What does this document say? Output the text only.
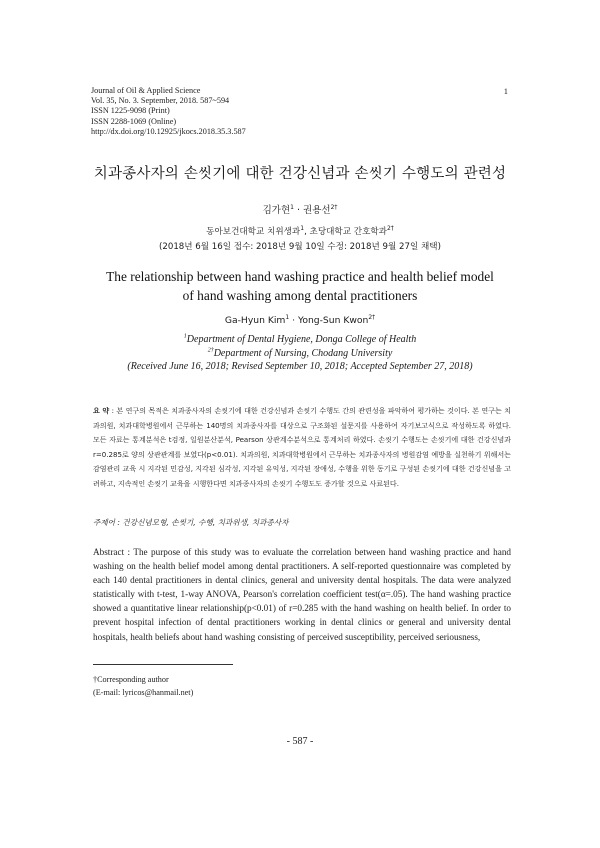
Journal of Oil & Applied Science
Vol. 35, No. 3. September, 2018. 587~594
ISSN 1225-9098 (Print)
ISSN 2288-1069 (Online)
http://dx.doi.org/10.12925/jkocs.2018.35.3.587
1
치과종사자의 손씻기에 대한 건강신념과 손씻기 수행도의 관련성
김가현$^1$ · 권용선$^{2\dagger}$
동아보건대학교 치위생과$^1$, 초당대학교 간호학과$^{2\dagger}$
(2018년 6월 16일 접수: 2018년 9월 10일 수정: 2018년 9월 27일 채택)
The relationship between hand washing practice and health belief model
of hand washing among dental practitioners
Ga-Hyun Kim$^1$ · Yong-Sun Kwon$^{2\dagger}$
$^1$Department of Dental Hygiene, Donga College of Health
$^{2\dagger}$Department of Nursing, Chodang University
(Received June 16, 2018; Revised September 10, 2018; Accepted September 27, 2018)
요 약 : 본 연구의 목적은 치과종사자의 손씻기에 대한 건강신념과 손씻기 수행도 간의 관련성을 파악하여 평가하는 것이다. 본 연구는 치과의원, 치과대학병원에서 근무하는 140명의 치과종사자를 대상으로 구조화된 설문지를 사용하여 자기보고식으로 작성하도록 하였다. 모든 자료는 통계분석은 t검정, 일원분산분석, Pearson 상관계수분석으로 통계처리 하였다. 손씻기 수행도는 손씻기에 대한 건강신념과 r=0.285로 양의 상관관계를 보였다(p<0.01). 치과의원, 치과대학병원에서 근무하는 치과종사자의 병원감염 예방을 실천하기 위해서는 감염관리 교육 시 지각된 민감성, 지각된 심각성, 지각된 유익성, 지각된 장애성, 수행을 위한 동기로 구성된 손씻기에 대한 건강신념을 고려하고, 지속적인 손씻기 교육을 시행한다면 치과종사자의 손씻기 수행도도 증가할 것으로 사료된다.
주제어 : 건강신념모형, 손씻기, 수행, 치과위생, 치과종사자
Abstract : The purpose of this study was to evaluate the correlation between hand washing practice and hand washing on the health belief model among dental practitioners. A self-reported questionnaire was completed by each 140 dental practitioners in dental clinics, general and university dental hospitals. The data were analyzed statistically with t-test, 1-way ANOVA, Pearson's correlation coefficient test(α=.05). The hand washing practice showed a quantitative linear relationship(p<0.01) of r=0.285 with the hand washing on health belief. In order to prevent hospital infection of dental practitioners working in dental clinics or general and university dental hospitals, health beliefs about hand washing consisting of perceived susceptibility, perceived seriousness,
†Corresponding author
(E-mail: lyricos@hanmail.net)
- 587 -
